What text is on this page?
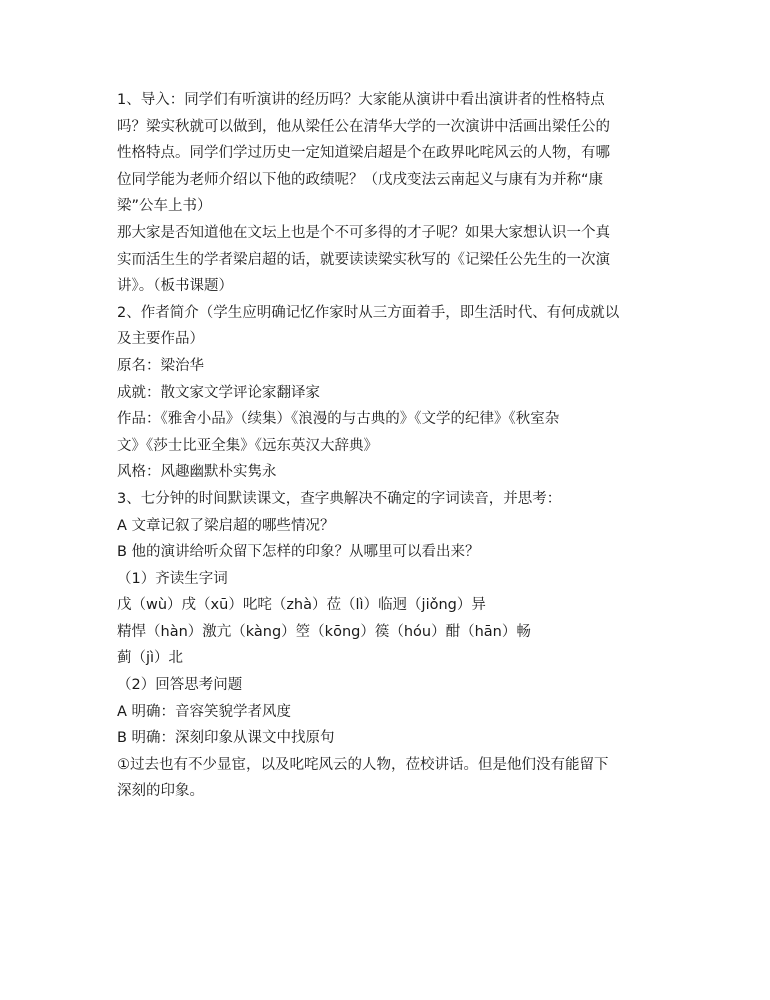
1、导入：同学们有听演讲的经历吗？大家能从演讲中看出演讲者的性格特点
吗？梁实秋就可以做到，他从梁任公在清华大学的一次演讲中活画出梁任公的
性格特点。同学们学过历史一定知道梁启超是个在政界叱咤风云的人物，有哪
位同学能为老师介绍以下他的政绩呢？（戊戌变法云南起义与康有为并称“康
梁”公车上书）
那大家是否知道他在文坛上也是个不可多得的才子呢？如果大家想认识一个真
实而活生生的学者梁启超的话，就要读读梁实秋写的《记梁任公先生的一次演
讲》。（板书课题）
2、作者简介（学生应明确记忆作家时从三方面着手，即生活时代、有何成就以
及主要作品）
原名：梁治华
成就：散文家文学评论家翻译家
作品：《雅舍小品》（续集）《浪漫的与古典的》《文学的纪律》《秋室杂
文》《莎士比亚全集》《远东英汉大辞典》
风格：风趣幽默朴实隽永
3、七分钟的时间默读课文，查字典解决不确定的字词读音，并思考：
A 文章记叙了梁启超的哪些情况？
B 他的演讲给听众留下怎样的印象？从哪里可以看出来？
（1）齐读生字词
戊（wù）戌（xū）叱咤（zhà）莅（lì）临迥（jiǒng）异
精悍（hàn）激亢（kàng）箜（kōng）篌（hóu）酣（hān）畅
蓟（jì）北
（2）回答思考问题
A 明确：音容笑貌学者风度
B 明确：深刻印象从课文中找原句
①过去也有不少显宦，以及叱咤风云的人物，莅校讲话。但是他们没有能留下
深刻的印象。
